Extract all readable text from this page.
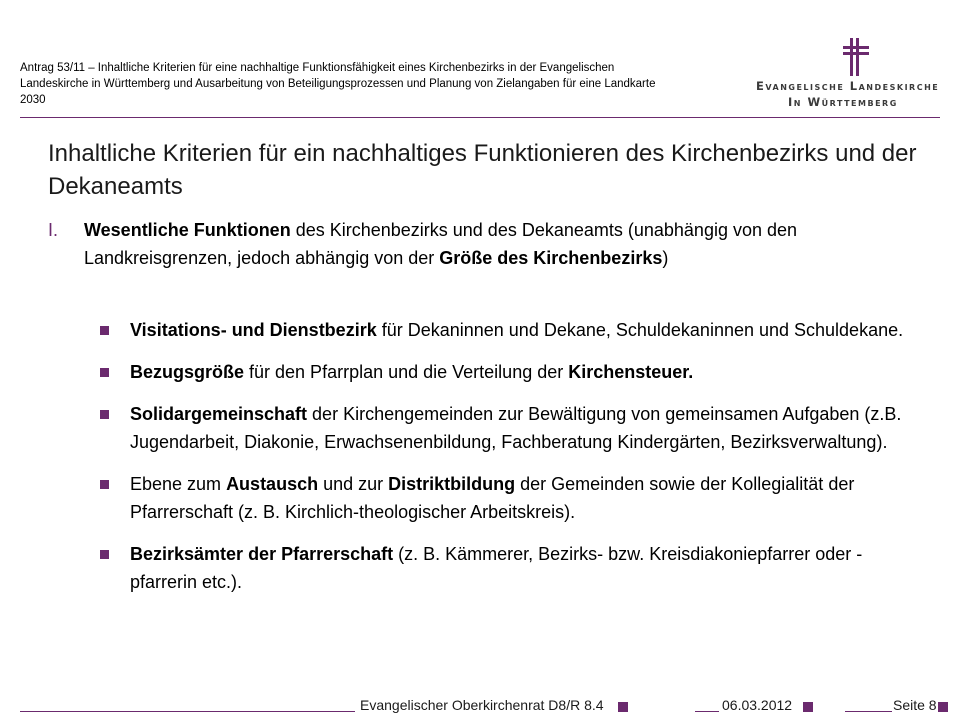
Antrag 53/11 – Inhaltliche Kriterien für eine nachhaltige Funktionsfähigkeit eines Kirchenbezirks in der Evangelischen Landeskirche in Württemberg und Ausarbeitung von Beteiligungsprozessen und Planung von Zielangaben für eine Landkarte 2030
Evangelische Landeskirche
In Württemberg
Inhaltliche Kriterien für ein nachhaltiges Funktionieren des Kirchenbezirks und der Dekaneamts
I. Wesentliche Funktionen des Kirchenbezirks und des Dekaneamts (unabhängig von den Landkreisgrenzen, jedoch abhängig von der Größe des Kirchenbezirks)
Visitations- und Dienstbezirk für Dekaninnen und Dekane, Schuldekaninnen und Schuldekane.
Bezugsgröße für den Pfarrplan und die Verteilung der Kirchensteuer.
Solidargemeinschaft der Kirchengemeinden zur Bewältigung von gemeinsamen Aufgaben (z.B. Jugendarbeit, Diakonie, Erwachsenenbildung, Fachberatung Kindergärten, Bezirksverwaltung).
Ebene zum Austausch und zur Distriktbildung der Gemeinden sowie der Kollegialität der Pfarrerschaft (z. B. Kirchlich-theologischer Arbeitskreis).
Bezirksämter der Pfarrerschaft (z. B. Kämmerer, Bezirks- bzw. Kreisdiakoniepfarrer oder -pfarrerin etc.).
Evangelischer Oberkirchenrat D8/R 8.4	06.03.2012	Seite 8
